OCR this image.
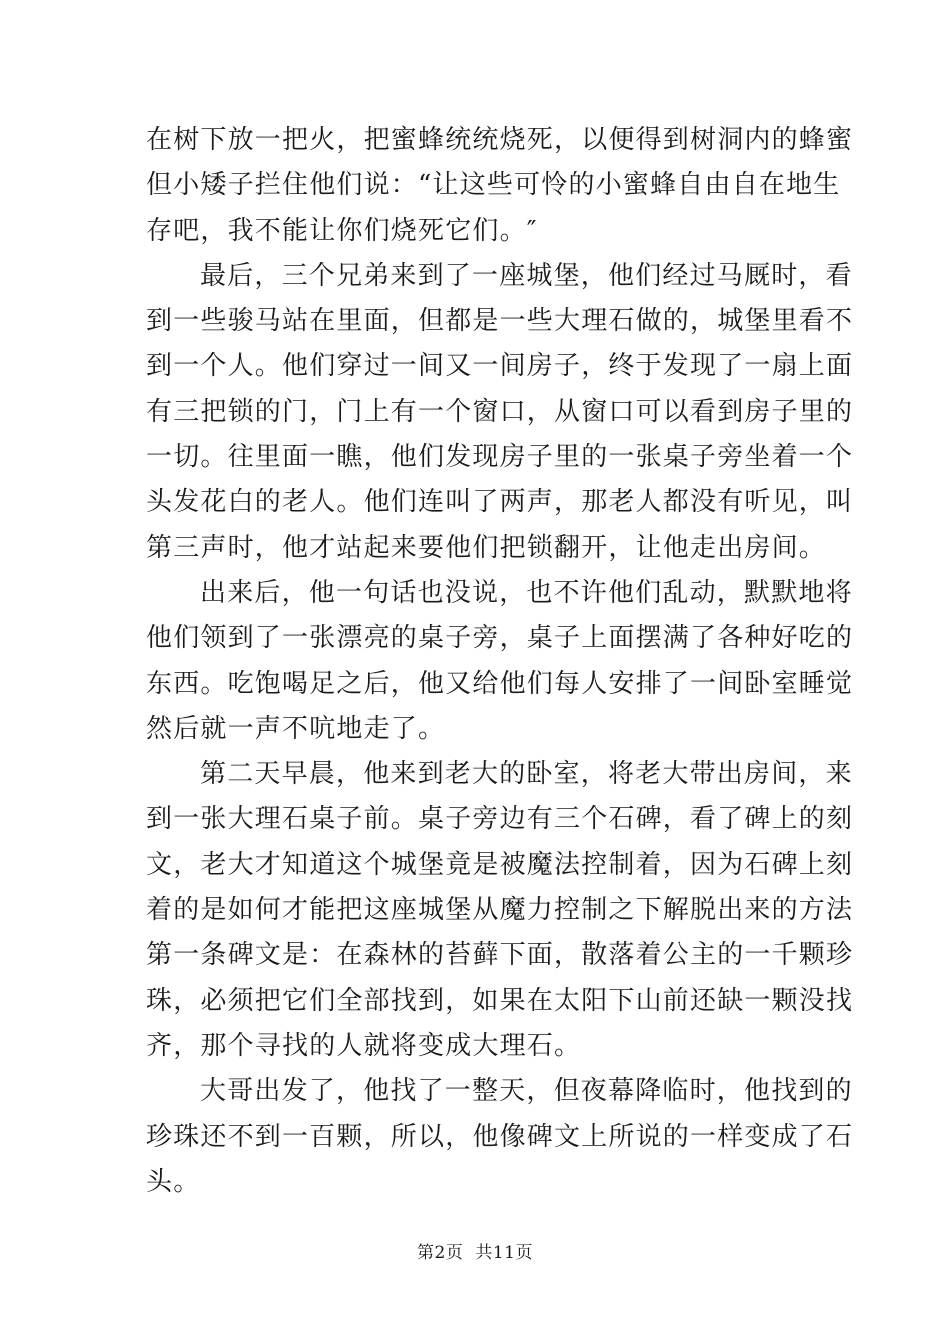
在树下放一把火，把蜜蜂统统烧死，以便得到树洞内的蜂蜜
但小矮子拦住他们说：“让这些可怜的小蜜蜂自由自在地生
存吧，我不能让你们烧死它们。″
最后，三个兄弟来到了一座城堡，他们经过马厩时，看
到一些骏马站在里面，但都是一些大理石做的，城堡里看不
到一个人。他们穿过一间又一间房子，终于发现了一扇上面
有三把锁的门，门上有一个窗口，从窗口可以看到房子里的
一切。往里面一瞧，他们发现房子里的一张桌子旁坐着一个
头发花白的老人。他们连叫了两声，那老人都没有听见，叫
第三声时，他才站起来要他们把锁翻开，让他走出房间。
出来后，他一句话也没说，也不许他们乱动，默默地将
他们领到了一张漂亮的桌子旁，桌子上面摆满了各种好吃的
东西。吃饱喝足之后，他又给他们每人安排了一间卧室睡觉
然后就一声不吭地走了。
第二天早晨，他来到老大的卧室，将老大带出房间，来
到一张大理石桌子前。桌子旁边有三个石碑，看了碑上的刻
文，老大才知道这个城堡竟是被魔法控制着，因为石碑上刻
着的是如何才能把这座城堡从魔力控制之下解脱出来的方法
第一条碑文是：在森林的苔藓下面，散落着公主的一千颗珍
珠，必须把它们全部找到，如果在太阳下山前还缺一颗没找
齐，那个寻找的人就将变成大理石。
大哥出发了，他找了一整天，但夜幕降临时，他找到的
珍珠还不到一百颗，所以，他像碑文上所说的一样变成了石
头。
第2页 共11页
